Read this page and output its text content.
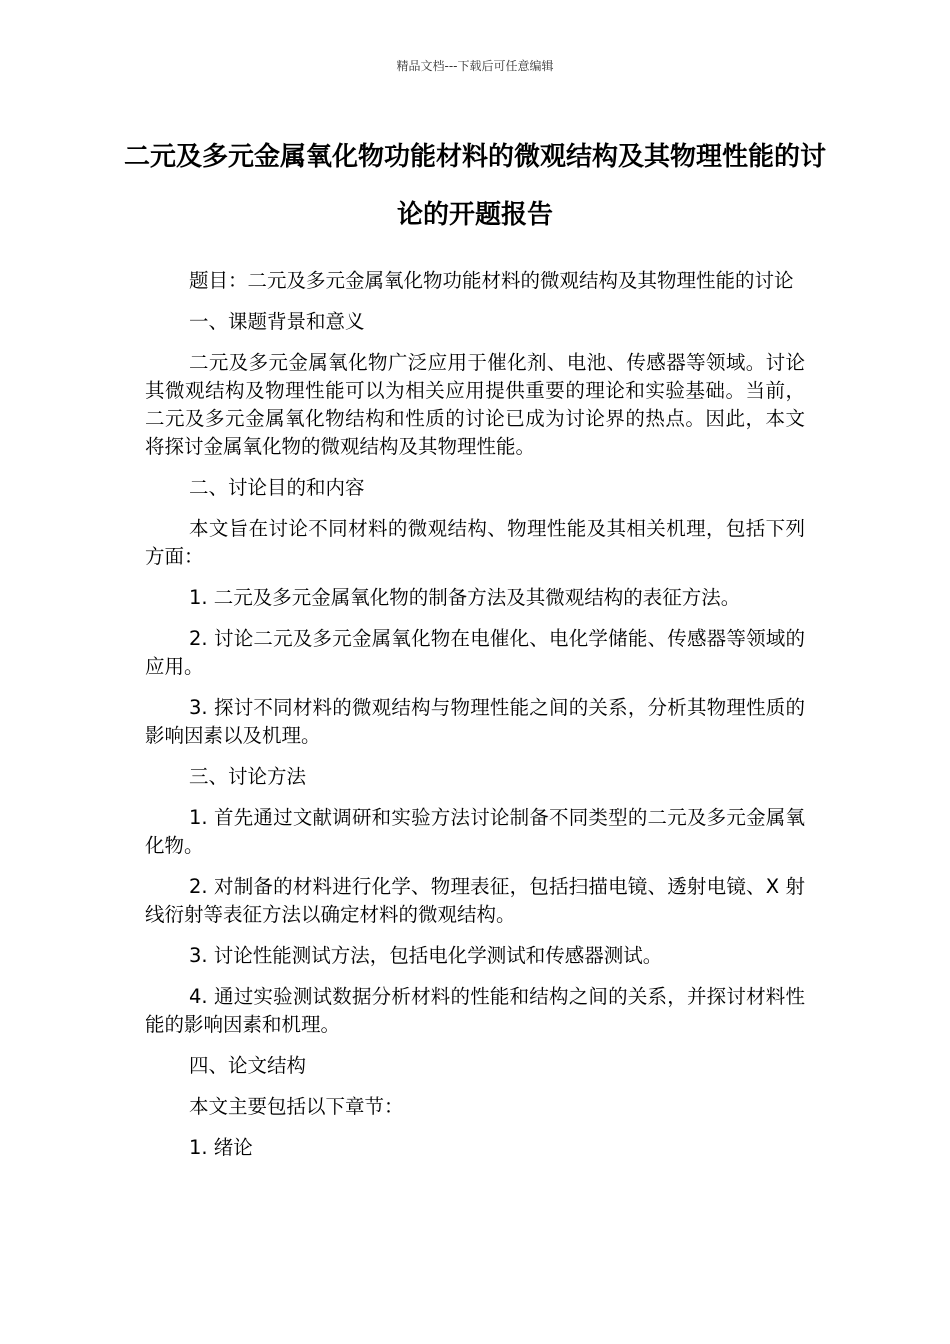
精品文档---下载后可任意编辑
二元及多元金属氧化物功能材料的微观结构及其物理性能的讨论的开题报告

题目：二元及多元金属氧化物功能材料的微观结构及其物理性能的讨论

一、课题背景和意义

二元及多元金属氧化物广泛应用于催化剂、电池、传感器等领域。讨论其微观结构及物理性能可以为相关应用提供重要的理论和实验基础。当前，二元及多元金属氧化物结构和性质的讨论已成为讨论界的热点。因此，本文将探讨金属氧化物的微观结构及其物理性能。

二、讨论目的和内容

本文旨在讨论不同材料的微观结构、物理性能及其相关机理，包括下列方面：

1. 二元及多元金属氧化物的制备方法及其微观结构的表征方法。

2. 讨论二元及多元金属氧化物在电催化、电化学储能、传感器等领域的应用。

3. 探讨不同材料的微观结构与物理性能之间的关系，分析其物理性质的影响因素以及机理。

三、讨论方法

1. 首先通过文献调研和实验方法讨论制备不同类型的二元及多元金属氧化物。

2. 对制备的材料进行化学、物理表征，包括扫描电镜、透射电镜、X 射线衍射等表征方法以确定材料的微观结构。

3. 讨论性能测试方法，包括电化学测试和传感器测试。

4. 通过实验测试数据分析材料的性能和结构之间的关系，并探讨材料性能的影响因素和机理。

四、论文结构

本文主要包括以下章节：

1. 绪论
